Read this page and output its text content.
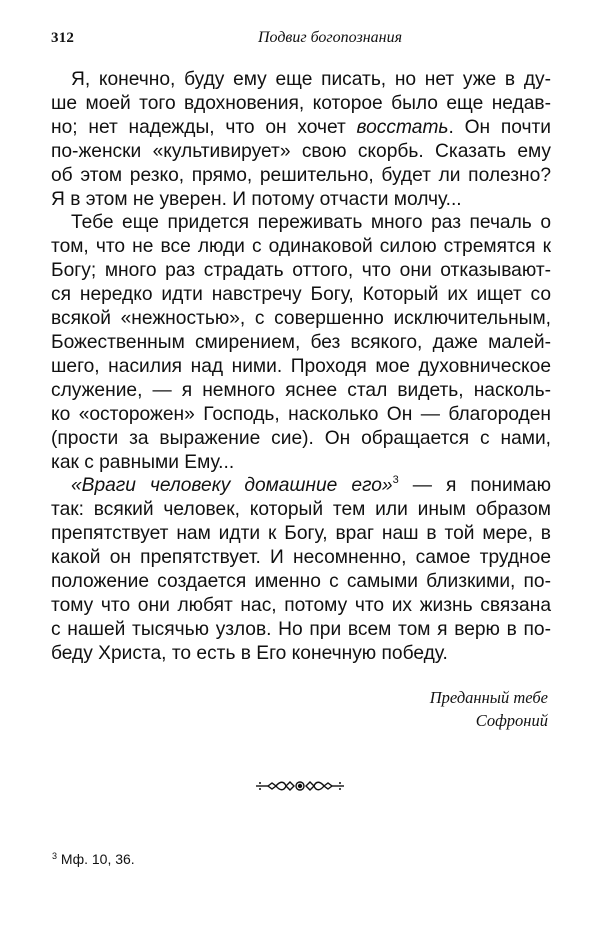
312	Подвиг богопознания
Я, конечно, буду ему еще писать, но нет уже в ду-
ше моей того вдохновения, которое было еще недав-
но; нет надежды, что он хочет восстать. Он почти
по-женски «культивирует» свою скорбь. Сказать ему
об этом резко, прямо, решительно, будет ли полезно?
Я в этом не уверен. И потому отчасти молчу...
Тебе еще придется переживать много раз печаль о
том, что не все люди с одинаковой силою стремятся к
Богу; много раз страдать оттого, что они отказывают-
ся нередко идти навстречу Богу, Который их ищет со
всякой «нежностью», с совершенно исключительным,
Божественным смирением, без всякого, даже малей-
шего, насилия над ними. Проходя мое духовническое
служение, — я немного яснее стал видеть, насколь-
ко «осторожен» Господь, насколько Он — благороден
(прости за выражение сие). Он обращается с нами,
как с равными Ему...
«Враги человеку домашние его»$^3$ — я понимаю
так: всякий человек, который тем или иным образом
препятствует нам идти к Богу, враг наш в той мере, в
какой он препятствует. И несомненно, самое трудное
положение создается именно с самыми близкими, по-
тому что они любят нас, потому что их жизнь связана
с нашей тысячью узлов. Но при всем том я верю в по-
беду Христа, то есть в Его конечную победу.
Преданный тебе
Софроний
$^3$ Мф. 10, 36.
